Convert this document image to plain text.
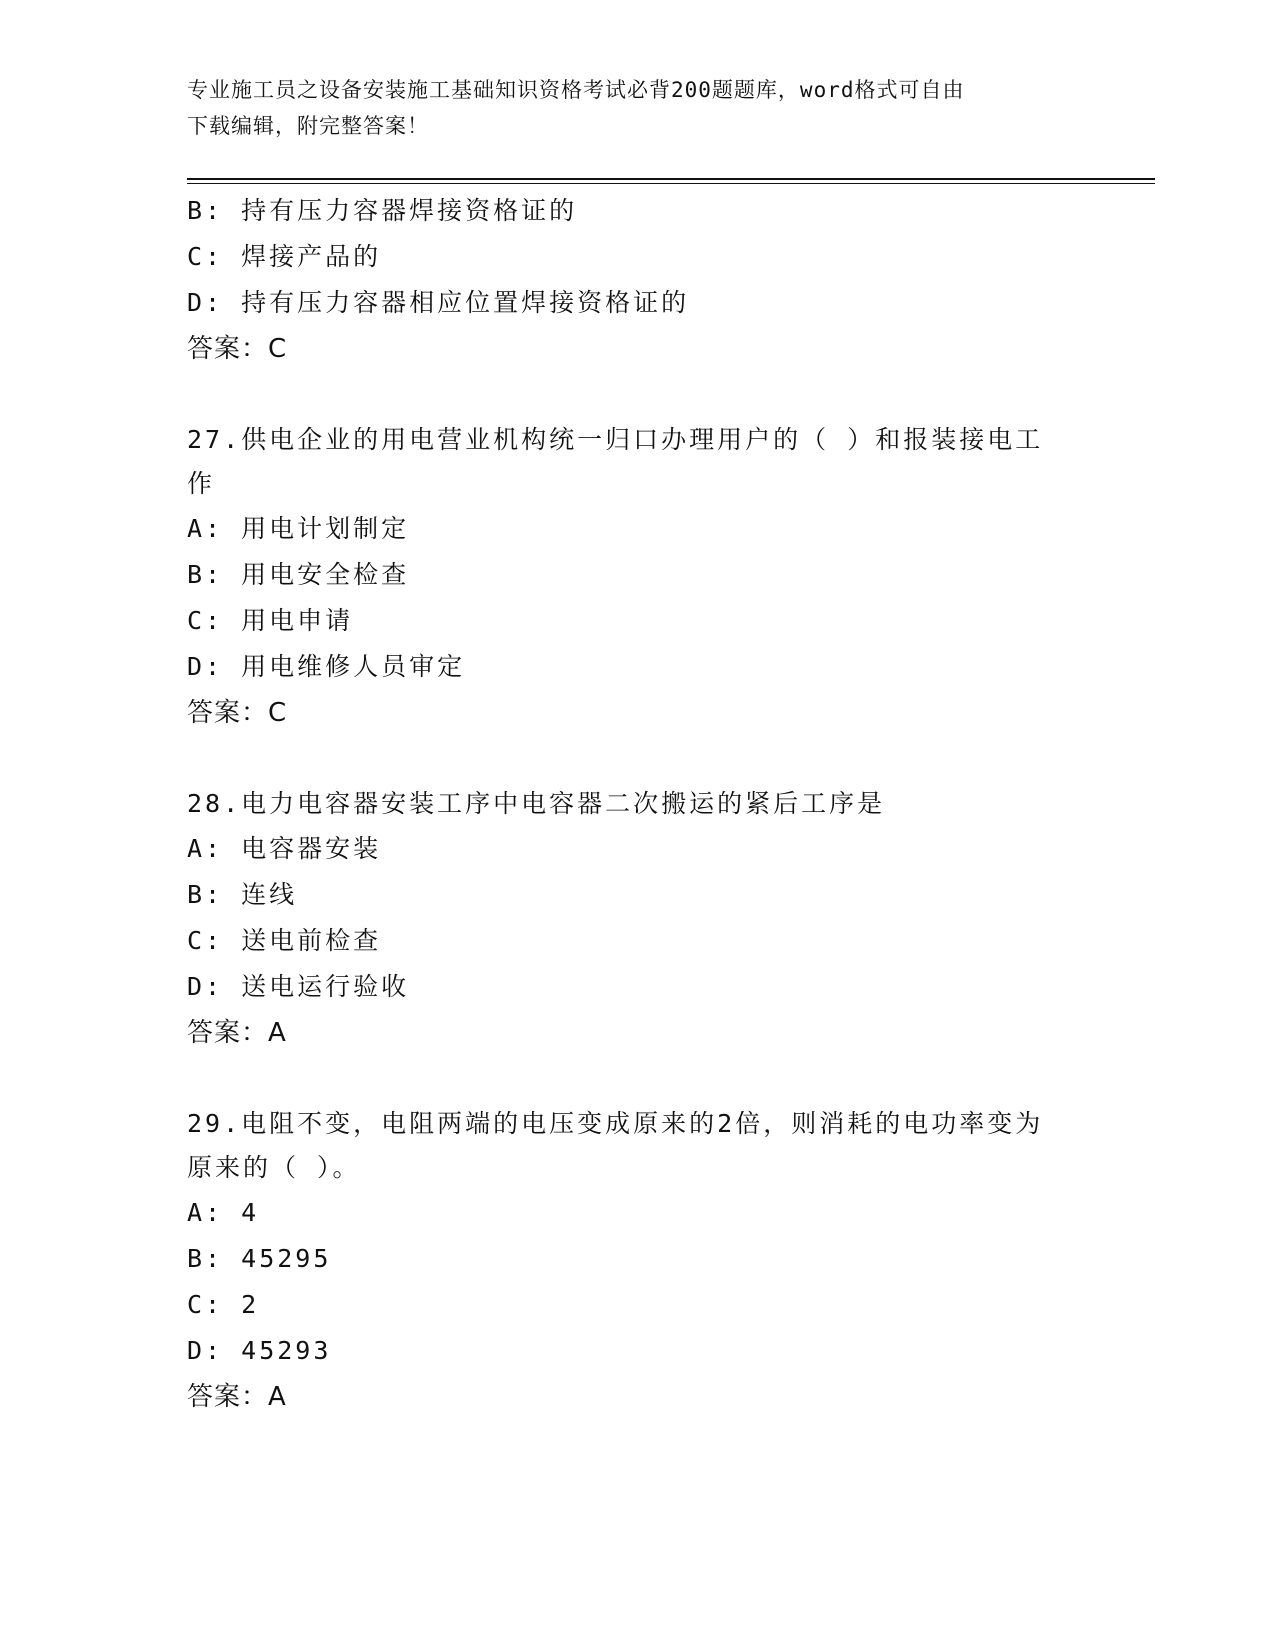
专业施工员之设备安装施工基础知识资格考试必背200题题库，word格式可自由
下载编辑，附完整答案！
B: 持有压力容器焊接资格证的
C: 焊接产品的
D: 持有压力容器相应位置焊接资格证的
答案：C
27.供电企业的用电营业机构统一归口办理用户的（ ）和报装接电工
作
A: 用电计划制定
B: 用电安全检查
C: 用电申请
D: 用电维修人员审定
答案：C
28.电力电容器安装工序中电容器二次搬运的紧后工序是
A: 电容器安装
B: 连线
C: 送电前检查
D: 送电运行验收
答案：A
29.电阻不变，电阻两端的电压变成原来的2倍，则消耗的电功率变为
原来的（ ）。
A: 4
B: 45295
C: 2
D: 45293
答案：A
